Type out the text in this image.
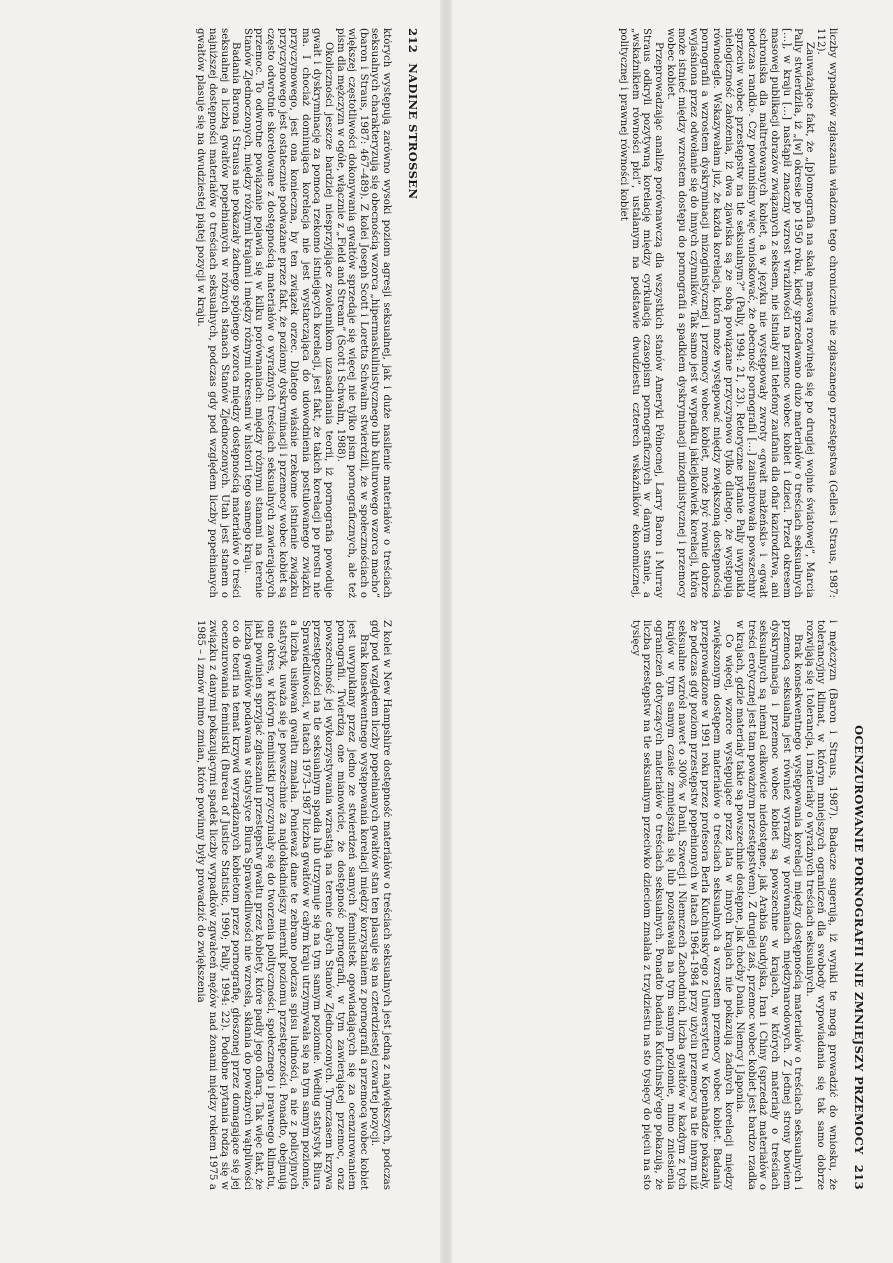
212
NADINE STROSSEN

których występują zarówno wysoki poziom agresji seksualnej, jak i duże nasilenie materiałów o treściach seksualnych charakteryzują się obecnością wzorca „hipermaskulinistycznego lub kulturowego wzorca macho” (baron i Straus, 1987: 467–489). Z kolei Joseph Scott i Loretta Schwalm stwierdzili, że w społecznościach o większej częstotliwości dokonywania gwałtów sprzedaje się więcej nie tylko pism pornograficznych, ale też pism dla mężczyzn w ogóle, włącznie z „Field and Stream” (Scott i Schwalm, 1988).

Okoliczności jeszcze bardziej niesprzyjające zwolennikom uzasadniania teorii, iż pornografia powoduje gwałt i dyskryminację za pomocą rzekomo istniejących korelacji, jest fakt, że takich korelacji po prostu nie ma. I chociaż dominująca korelacja nie jest wystarczająca do udowodnienia postulowanego związku przyczynowego, jest ona konieczna, by ten związek orzec. Dlatego właśnie rzekome istnienie związku przyczynowego jest ostatecznie podważane przez fakt, że poziomy dyskryminacji i przemocy wobec kobiet są często odwrotnie skorelowane z dostępnością materiałów o wyraźnych treściach seksualnych zawierających przemoc. To odwrotne powiązanie pojawia się w kilku porównaniach: między różnymi stanami na terenie Stanów Zjednoczonych, między różnymi krajami i między różnymi okresami w historii tego samego kraju.

Badania Barona i Strausa nie pokazały żadnego spójnego wzorca między dostępnością materiałów o treści seksualnej a liczbą gwałtów popełnianych w różnych stanach Stanów Zjednoczonych. Utah jest stanem o najniższej dostępności materiałów o treściach seksualnych, podczas gdy pod względem liczby popełnianych gwałtów plasuje się na dwudziestej piątej pozycji w kraju.

Z kolei w New Hampshire dostępność materiałów o treściach seksualnych jest jedną z największych, podczas gdy pod względem liczby popełnianych gwałtów stan ten plasuje się na czterdziestej czwartej pozycji.

Brak konsekwentnego występowania korelacji między korzystaniem z pornografii a przemocą wobec kobiet jest uwypuklany przez jedno ze stwierdzeń samych feministek opowiadających się za ocenzurowaniem pornografii. Twierdzą one mianowicie, że dostępność pornografii, w tym zawierającej przemoc, oraz powszechność jej wykorzystywania wzrastają na terenie całych Stanów Zjednoczonych. Tymczasem krzywa przestępczości na tle seksualnym spadła lub utrzymuje się na tym samym poziomie. Według statystyk Biura Sprawiedliwości, w latach 1973–1987 liczba gwałtów w całym kraju utrzymywała się na tym samym poziomie, a liczba usiłowań gwałtu zmalała. Ponieważ dane te zebrano podczas spisu ludności, a nie z policyjnych statystyk, uważa się je powszechnie za najdokładniejszy miernik poziomu przestępczości. Ponadto, obejmują one okres, w którym feministki przyczyniały się do tworzenia polityczności, społecznego i prawnego klimatu, jaki powinien sprzyjać zgłaszaniu przestępstw gwałtu przez kobiety, które padły jego ofiarą. Tak więc fakt, że liczba gwałtów podawana w statystyce Biura Sprawiedliwości nie wzrosła, skłania do poważnych wątpliwości co do teorii na temat krzywd wyrządzanych kobietom przez pornografię, głoszonej przez domagające się jej ocenzurowania feministki (Bureau of Justice Statistic, 1990; Pally, 1994: 22). Podobne pytania rodzą się w związku z danymi pokazującymi spadek liczby wypadków zgwałceń mężów nad żonami między rokiem 1975 a 1985 – i zmów mimo zmian, które powinny były prowadzić do zwiększenia	OCENZUROWANIE PORNOGRAFII NIE ZMNIEJSZY PRZEMOCY
213

liczby wypadków zgłaszania władzom tego chronicznie nie zgłaszanego przestępstwa (Gelles i Straus, 1987: 112).

Zauważające fakt, że „[p]omografia na skalę masową rozwinęła się po drugiej wojnie światowej”, Marcia Pally stwierdziła, iż „[w] okresie po 1950 roku, kiedy sprzedawano dużo materiałów o treściach seksualnych […], w kraju […] nastąpił znaczny wzrost wrażliwości na przemoc wobec kobiet i dzieci. Przed okresem masowej publikacji obrazów związanych z seksem, nie istniały ani telefony zaufania dla ofiar kazirodztwa, ani schroniska dla maltretowanych kobiet, a w języku nie występowały zwroty «gwałt małżeński» i «gwałt podczas randki». Czy powinniśmy więc wnioskować, że obecność pornografii […] zainspirowała powszechny sprzeciw wobec przestępstw na tle seksualnym?” (Pally, 1994: 21, 23). Retoryczne pytanie Pally uwypukla nielogiczność założenia, iż dwa zjawiska są ze sobą powiązane przyczynowo tylko dlatego, że występują równolegle. Wskazywałam już, że każda korelacja, która może występować między zwiększoną dostępnością pornografii a wzrostem dyskryminacji mizoginistycznej i przemocy wobec kobiet, może być równie dobrze wyjaśniona przez odwołanie się do innych czynników. Tak samo jest w wypadku jakiejkolwiek korelacji, która może istnieć między wzrostem dostępu do pornografii a spadkiem dyskryminacji mizoginistycznej i przemocy wobec kobiet.

Przeprowadzając analizę porównawczą dla wszystkich stanów Ameryki Północnej, Larry Baron i Murray Straus odkryli pozytywną korelację między cyrkulacją czasopism pornograficznych w danym stanie, a „wskaźnikiem równości płci”, ustalanym na podstawie dwudziestu czterech wskaźników ekonomicznej, politycznej i prawnej równości kobiet

i mężczyzn (Baron i Straus, 1987). Badacze sugerują, iż wyniki te mogą prowadzić do wniosku, że tolerancyjny klimat, w którym mniejszych ograniczeń dla swobody wypowiadania się tak samo dobrze rozwijają się i tolerancja, i materiały o wyraźnych treściach seksualnych.

Brak konsekwentnego występowania korelacji między dostępnością materiałów o treściach seksualnych i przemocą seksualną jest również wyraźny w porównaniach międzynarodowych. Z jednej strony bowiem dyskryminacja i przemoc wobec kobiet są powszechne w krajach, w których materiały o treściach seksualnych są niemal całkowicie niedostępne, jak Arabia Saudyjska, Iran i Chiny (sprzedaż materiałów o treści erotycznej jest tam poważnym przestępstwem). Z drugiej zaś, przemoc wobec kobiet jest bardzo rzadka w krajach, gdzie materiały takie są powszechnie dostępne, jak choćby Dania, Niemcy i Japonia.

Co więcej, wzorce występujące przez lata w innych krajach nie pokazują żadnych korelacji między zwiększonym dostępem materiałów o treściach seksualnych a wzrostem przemocy wobec kobiet. Badania przeprowadzone w 1991 roku przez profesora Berla Kutchinsky'ego z Uniwersytetu w Kopenhadze pokazały, że podczas gdy poziom przestępstw popełnionych w latach 1964–1984 przy użyciu przemocy na tle innym niż seksualne wzrósł nawet o 300% w Danii, Szwecji i Niemczech Zachodnich, liczba gwałtów w każdym z tych krajów w tym samym czasie zmniejszała się lub pozostawała na tym samym poziomie, mimo zniesienia ograniczeń dotyczących materiałów o treściach seksualnych. Ponadto badania Kutchinsky'ego pokazują, że liczba przestępstw na tle seksualnym przeciwko dzieciom zmalała z trzydziestu na sto tysięcy do pięciu na sto tysięcy
